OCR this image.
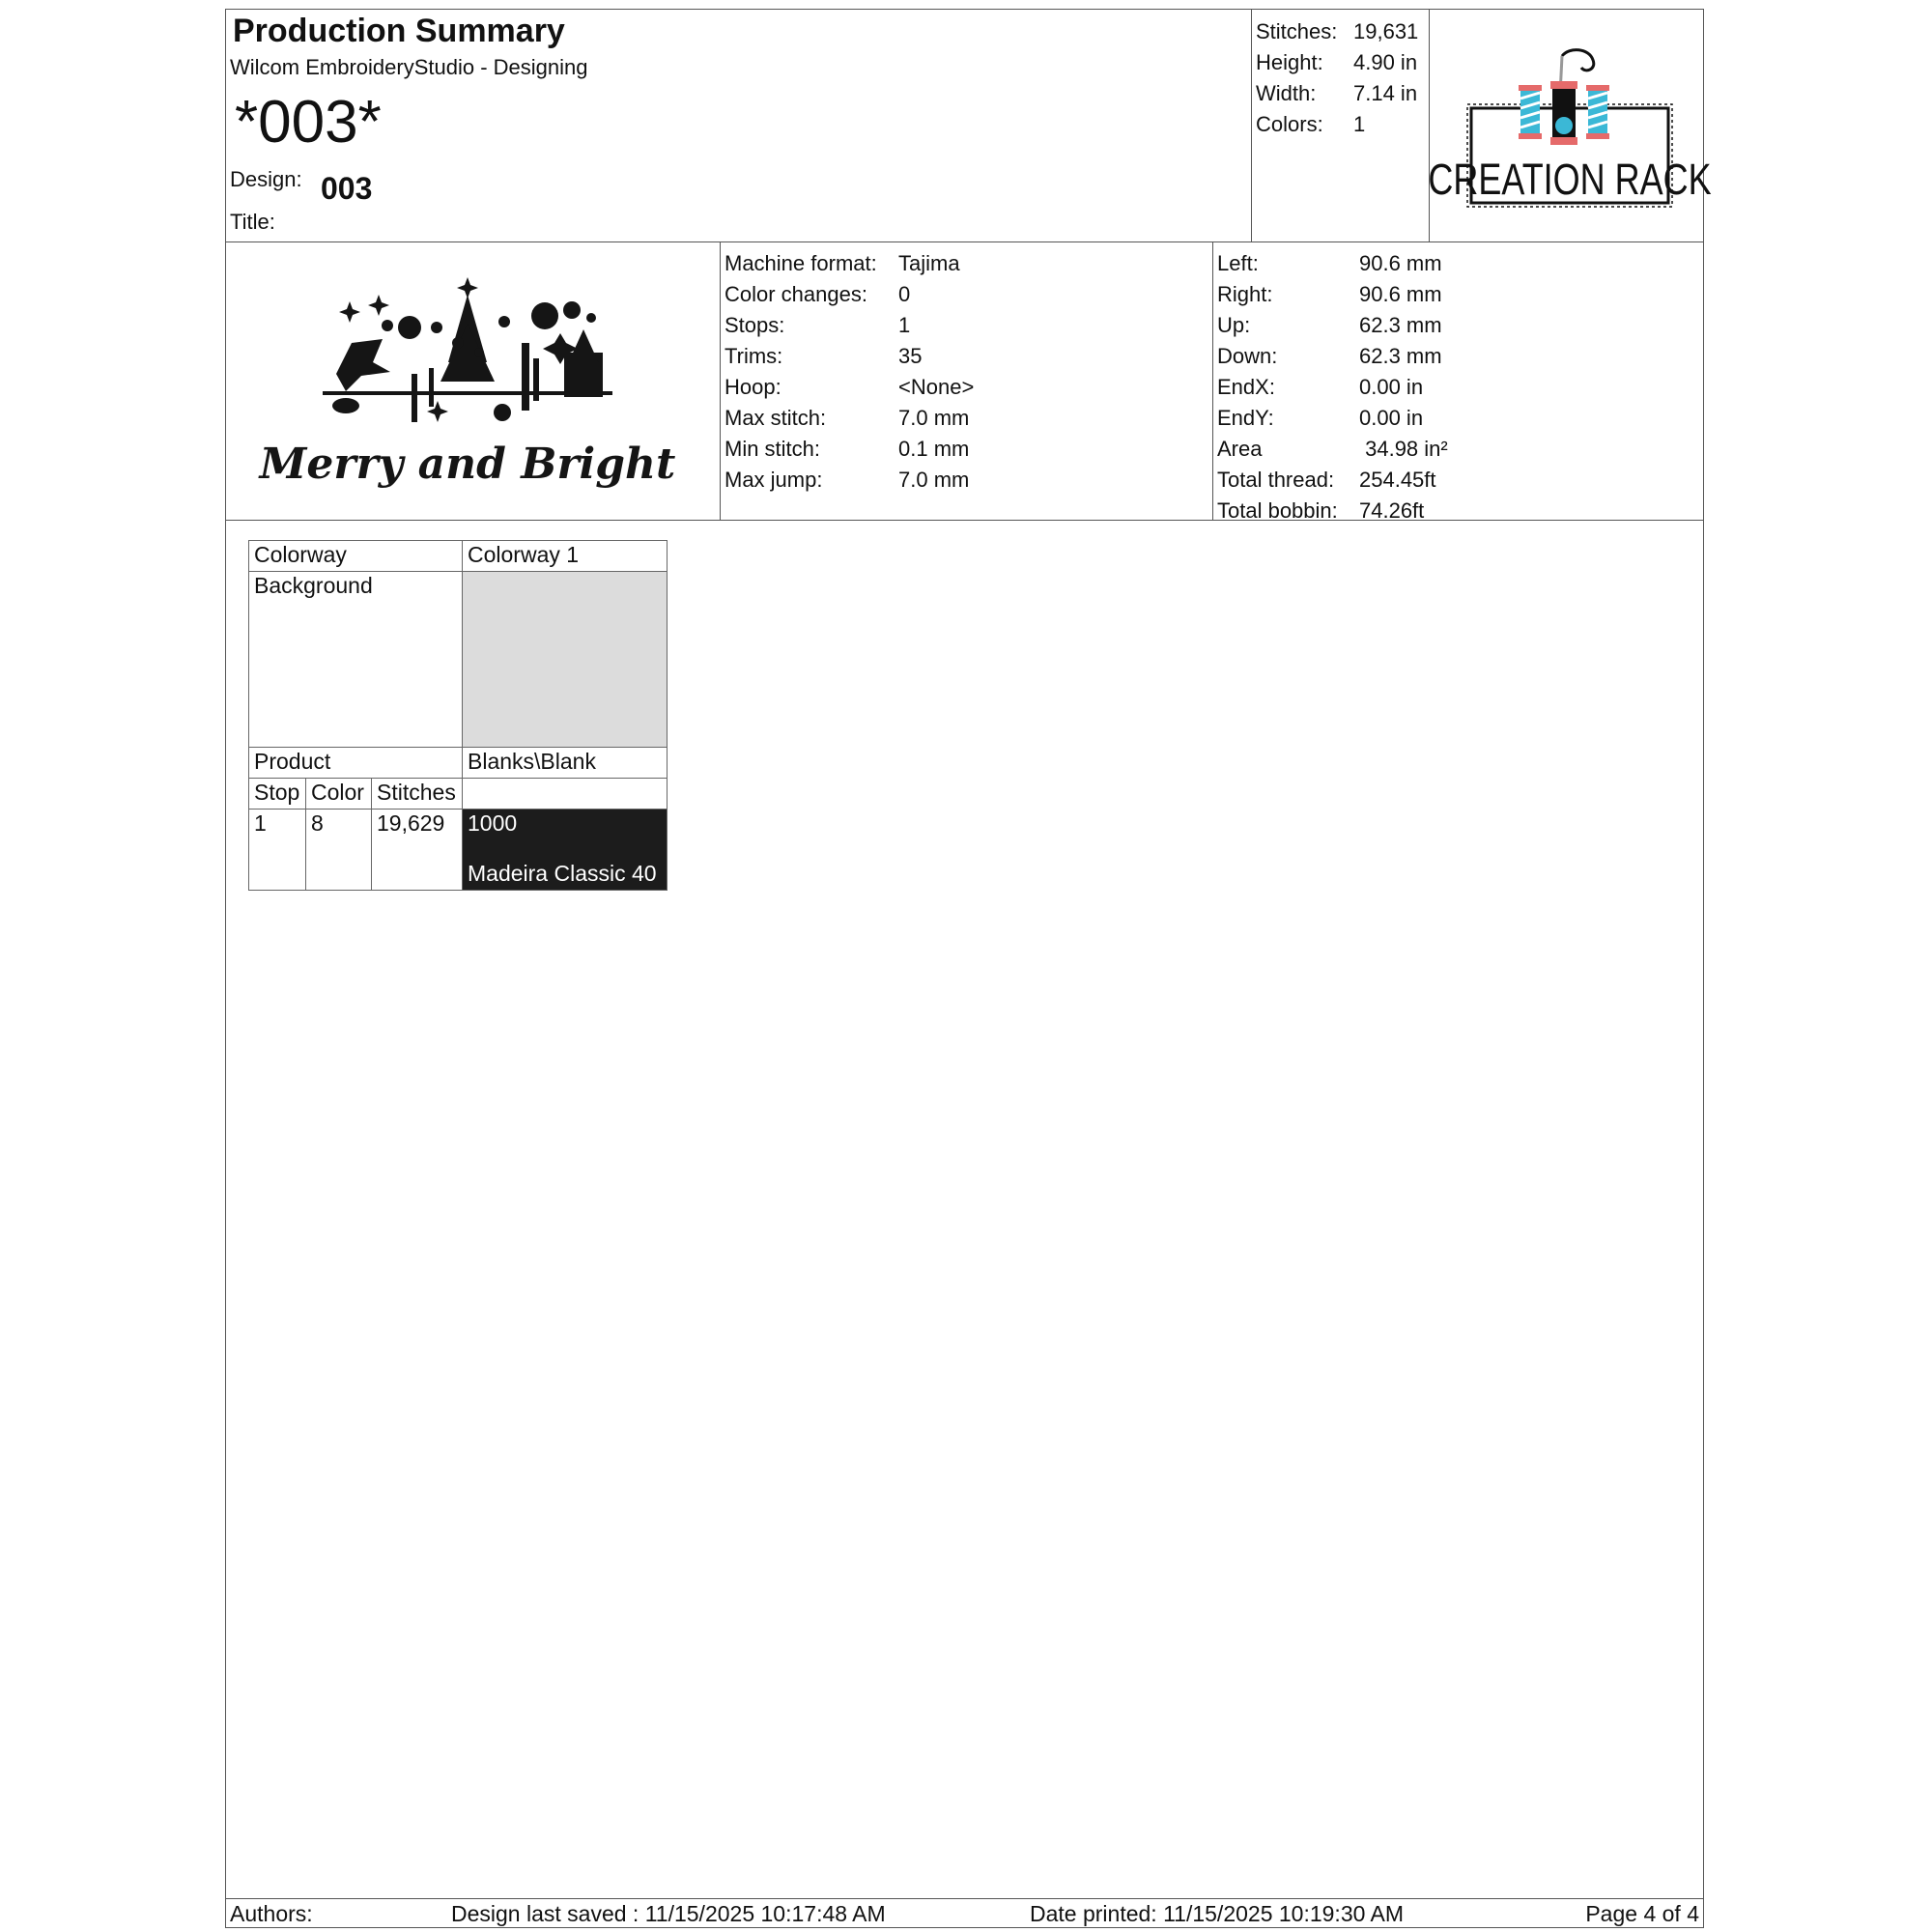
Production Summary
Wilcom EmbroideryStudio - Designing
*003*
Design: 003
Title:
Stitches: 19,631
Height: 4.90 in
Width: 7.14 in
Colors: 1
CREATION RACK
Merry and Bright
Machine format: Tajima
Color changes: 0
Stops:	1
Trims:	35
Hoop:	<None>
Max stitch:	7.0 mm
Min stitch:	0.1 mm
Max jump:	7.0 mm
Left:	90.6 mm
Right:	90.6 mm
Up:	62.3 mm
Down:	62.3 mm
EndX:	0.00 in
EndY:	0.00 in
Area	34.98 in²
Total thread: 254.45ft
Total bobbin: 74.26ft
Colorway			Colorway 1
Background			
Product			Blanks\Blank
Stop	Color	Stitches	
1	8	19,629	1000
Madeira Classic 40
Authors:	Design last saved : 11/15/2025 10:17:48 AM	Date printed: 11/15/2025 10:19:30 AM	Page 4 of 4
